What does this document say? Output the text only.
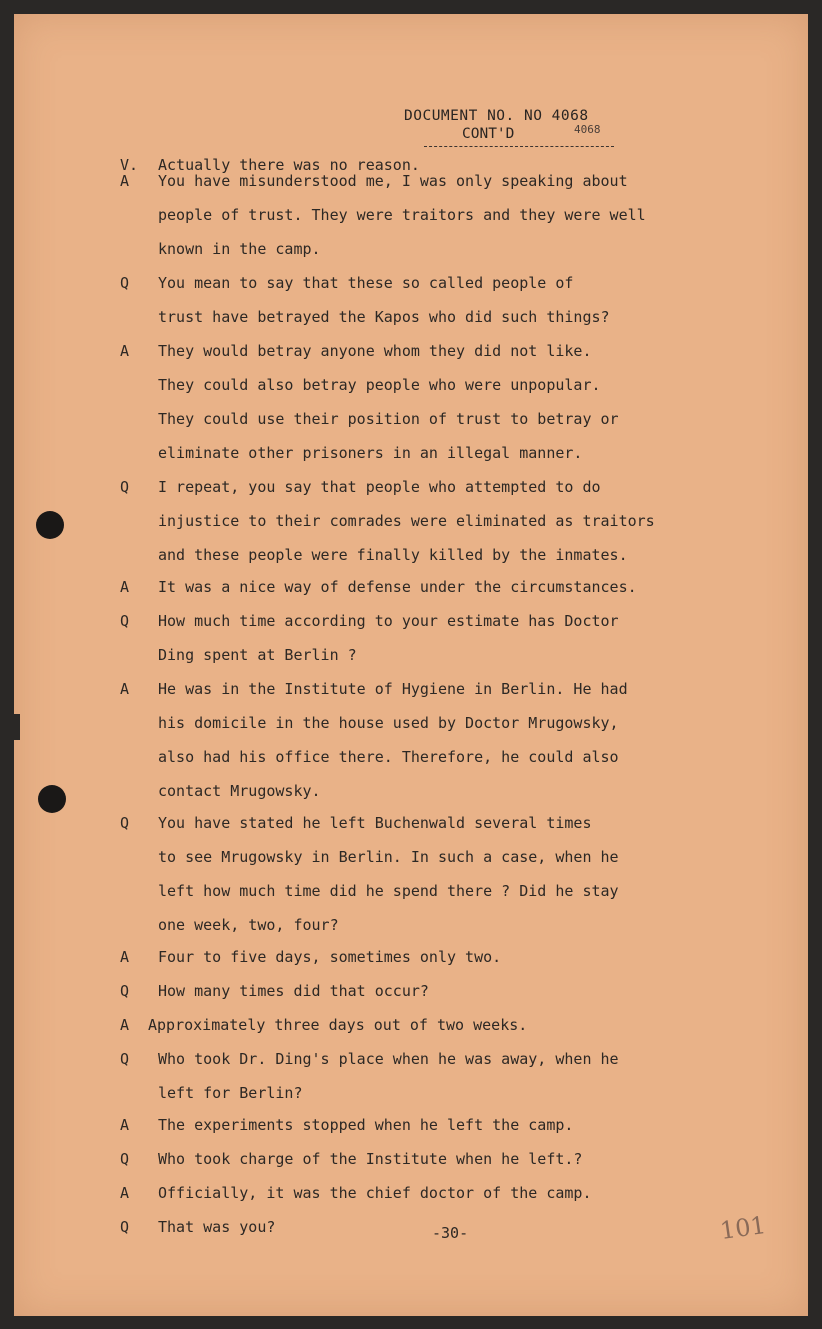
DOCUMENT NO. NO 4068
4068
CONT'D
V.	Actually there was no reason.
A	You have misunderstood me, I was only speaking about
people of trust. They were traitors and they were well
known in the camp.
Q	You mean to say that these so called people of
trust have betrayed the Kapos who did such things?
A	They would betray anyone whom they did not like.
They could also betray people who were unpopular.
They could use their position of trust to betray or
eliminate other prisoners in an illegal manner.
Q	I repeat, you say that people who attempted to do
injustice to their comrades were eliminated as traitors
and these people were finally killed by the inmates.
A	It was a nice way of defense under the circumstances.
Q	How much time according to your estimate has Doctor
Ding spent at Berlin ?
A	He was in the Institute of Hygiene in Berlin. He had
his domicile in the house used by Doctor Mrugowsky,
also had his office there. Therefore, he could also
contact Mrugowsky.
Q	You have stated he left Buchenwald several times
to see Mrugowsky in Berlin. In such a case, when he
left how much time did he spend there ? Did he stay
one week, two, four?
A	Four to five days, sometimes only two.
Q	How many times did that occur?
A	Approximately three days out of two weeks.
Q	Who took Dr. Ding's place when he was away, when he
left for Berlin?
A	The experiments stopped when he left the camp.
Q	Who took charge of the Institute when he left.?
A	Officially, it was the chief doctor of the camp.
Q	That was you?	-30-	101
